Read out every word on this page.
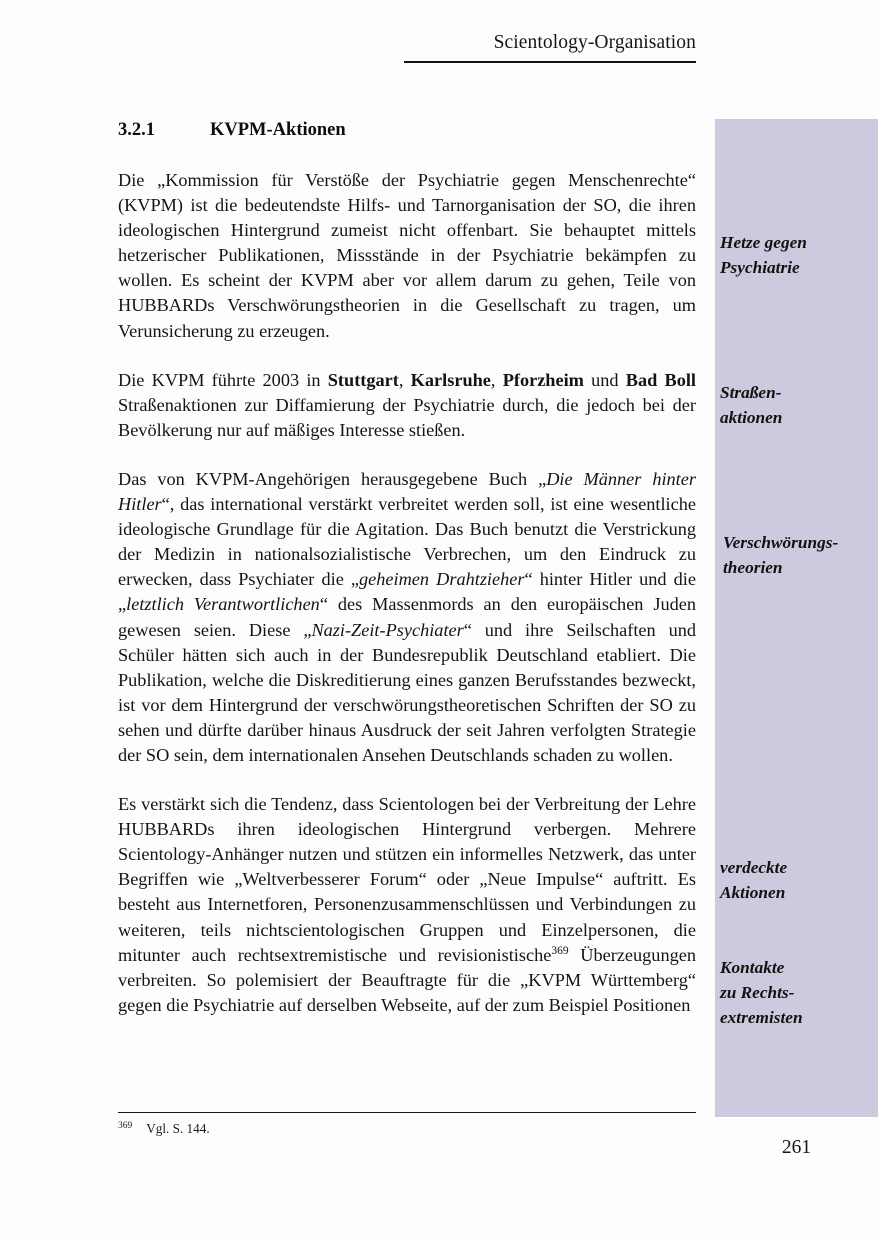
Scientology-Organisation
Hetze gegen
Psychiatrie
Straßen-
aktionen
Verschwörungs-
theorien
verdeckte
Aktionen
Kontakte
zu Rechts-
extremisten
261
3.2.1	KVPM-Aktionen

Die „Kommission für Verstöße der Psychiatrie gegen Menschenrechte“ (KVPM) ist die bedeutendste Hilfs- und Tarnorganisation der SO, die ihren ideologischen Hintergrund zumeist nicht offenbart. Sie behauptet mittels hetzerischer Publikationen, Missstände in der Psychiatrie bekämpfen zu wollen. Es scheint der KVPM aber vor allem darum zu gehen, Teile von HUBBARDs Verschwörungstheorien in die Gesellschaft zu tragen, um Verunsicherung zu erzeugen.

Die KVPM führte 2003 in Stuttgart, Karlsruhe, Pforzheim und Bad Boll Straßenaktionen zur Diffamierung der Psychiatrie durch, die jedoch bei der Bevölkerung nur auf mäßiges Interesse stießen.

Das von KVPM-Angehörigen herausgegebene Buch „Die Männer hinter Hitler“, das international verstärkt verbreitet werden soll, ist eine wesentliche ideologische Grundlage für die Agitation. Das Buch benutzt die Verstrickung der Medizin in nationalsozialistische Verbrechen, um den Eindruck zu erwecken, dass Psychiater die „geheimen Drahtzieher“ hinter Hitler und die „letztlich Verantwortlichen“ des Massenmords an den europäischen Juden gewesen seien. Diese „Nazi-Zeit-Psychiater“ und ihre Seilschaften und Schüler hätten sich auch in der Bundesrepublik Deutschland etabliert. Die Publikation, welche die Diskreditierung eines ganzen Berufsstandes bezweckt, ist vor dem Hintergrund der verschwörungstheoretischen Schriften der SO zu sehen und dürfte darüber hinaus Ausdruck der seit Jahren verfolgten Strategie der SO sein, dem internationalen Ansehen Deutschlands schaden zu wollen.

Es verstärkt sich die Tendenz, dass Scientologen bei der Verbreitung der Lehre HUBBARDs ihren ideologischen Hintergrund verbergen. Mehrere Scientology-Anhänger nutzen und stützen ein informelles Netzwerk, das unter Begriffen wie „Weltverbesserer Forum“ oder „Neue Impulse“ auftritt. Es besteht aus Internetforen, Personenzusammenschlüssen und Verbindungen zu weiteren, teils nichtscientologischen Gruppen und Einzelpersonen, die mitunter auch rechtsextremistische und revisionistische$^{369}$ Überzeugungen verbreiten. So polemisiert der Beauftragte für die „KVPM Württemberg“ gegen die Psychiatrie auf derselben Webseite, auf der zum Beispiel Positionen

$^{369}$ Vgl. S. 144.
